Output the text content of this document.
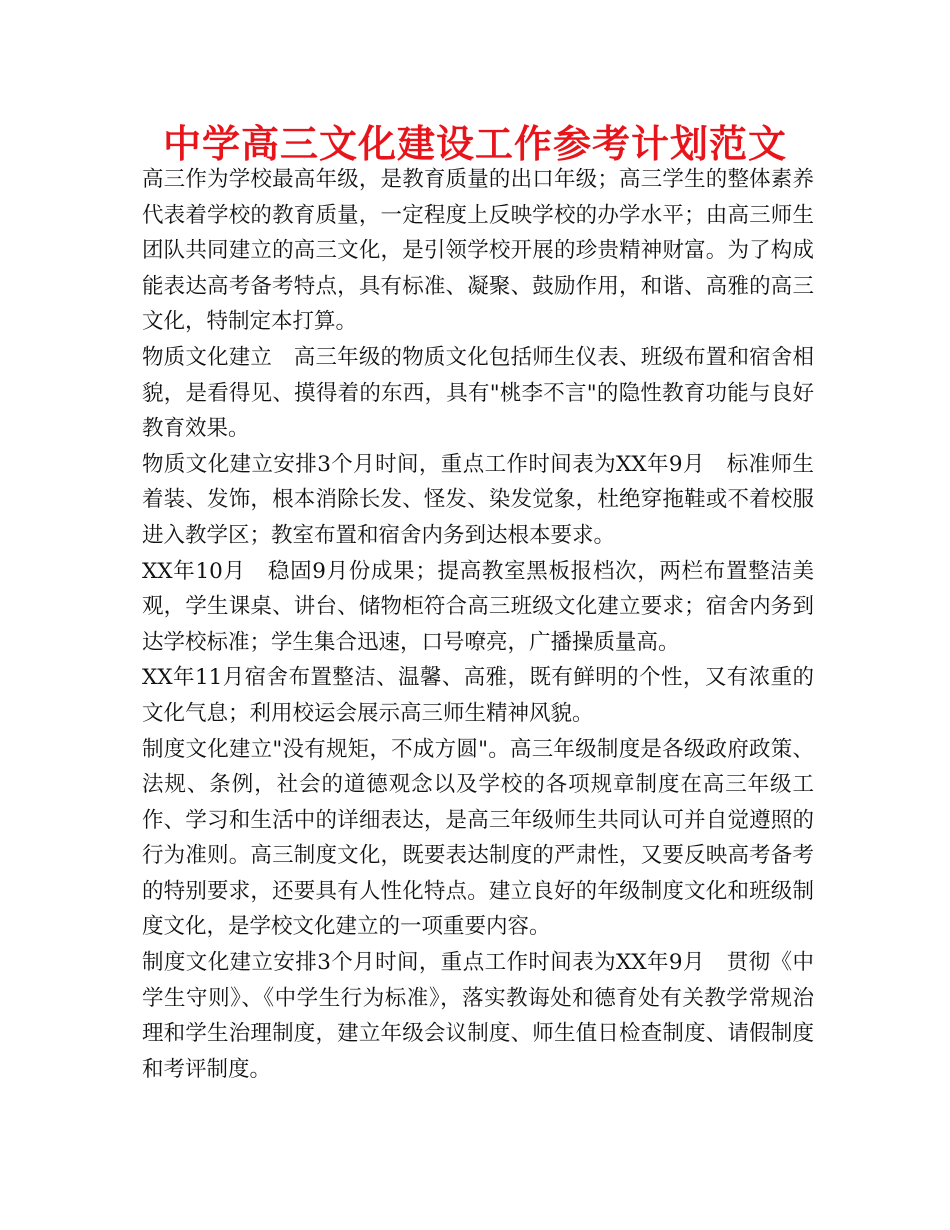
中学高三文化建设工作参考计划范文

高三作为学校最高年级，是教育质量的出口年级；高三学生的整体素养代表着学校的教育质量，一定程度上反映学校的办学水平；由高三师生团队共同建立的高三文化，是引领学校开展的珍贵精神财富。为了构成能表达高考备考特点，具有标准、凝聚、鼓励作用，和谐、高雅的高三文化，特制定本打算。

物质文化建立　高三年级的物质文化包括师生仪表、班级布置和宿舍相貌，是看得见、摸得着的东西，具有"桃李不言"的隐性教育功能与良好教育效果。

物质文化建立安排3个月时间，重点工作时间表为XX年9月　标准师生着装、发饰，根本消除长发、怪发、染发觉象，杜绝穿拖鞋或不着校服进入教学区；教室布置和宿舍内务到达根本要求。

XX年10月　稳固9月份成果；提高教室黑板报档次，两栏布置整洁美观，学生课桌、讲台、储物柜符合高三班级文化建立要求；宿舍内务到达学校标准；学生集合迅速，口号嘹亮，广播操质量高。

XX年11月宿舍布置整洁、温馨、高雅，既有鲜明的个性，又有浓重的文化气息；利用校运会展示高三师生精神风貌。

制度文化建立"没有规矩，不成方圆"。高三年级制度是各级政府政策、法规、条例，社会的道德观念以及学校的各项规章制度在高三年级工作、学习和生活中的详细表达，是高三年级师生共同认可并自觉遵照的行为准则。高三制度文化，既要表达制度的严肃性，又要反映高考备考的特别要求，还要具有人性化特点。建立良好的年级制度文化和班级制度文化，是学校文化建立的一项重要内容。

制度文化建立安排3个月时间，重点工作时间表为XX年9月　贯彻《中学生守则》、《中学生行为标准》，落实教诲处和德育处有关教学常规治理和学生治理制度，建立年级会议制度、师生值日检查制度、请假制度和考评制度。
